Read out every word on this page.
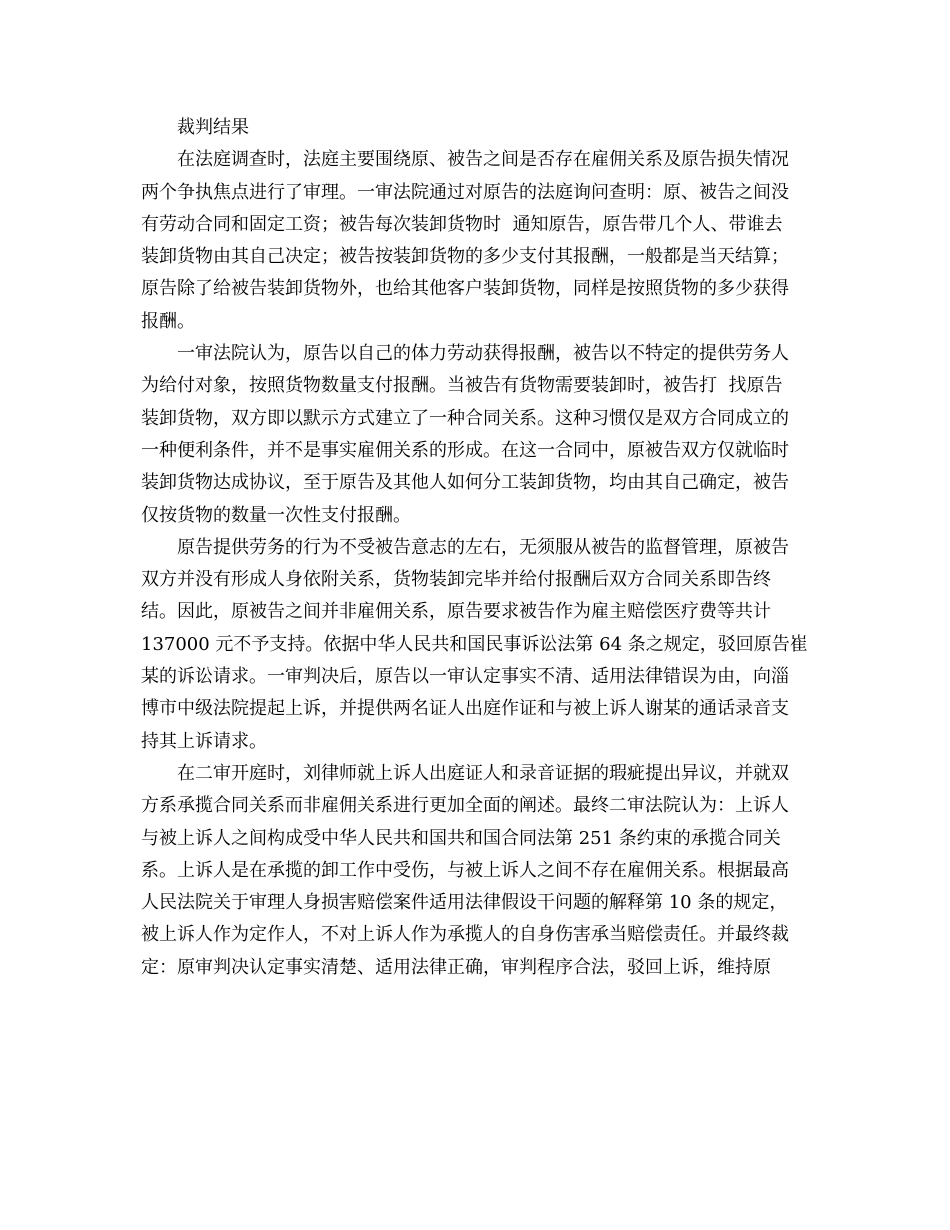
裁判结果
在法庭调查时，法庭主要围绕原、被告之间是否存在雇佣关系及原告损失情况
两个争执焦点进行了审理。一审法院通过对原告的法庭询问查明：原、被告之间没
有劳动合同和固定工资；被告每次装卸货物时  通知原告，原告带几个人、带谁去
装卸货物由其自己决定；被告按装卸货物的多少支付其报酬，一般都是当天结算；
原告除了给被告装卸货物外，也给其他客户装卸货物，同样是按照货物的多少获得
报酬。
一审法院认为，原告以自己的体力劳动获得报酬，被告以不特定的提供劳务人
为给付对象，按照货物数量支付报酬。当被告有货物需要装卸时，被告打  找原告
装卸货物，双方即以默示方式建立了一种合同关系。这种习惯仅是双方合同成立的
一种便利条件，并不是事实雇佣关系的形成。在这一合同中，原被告双方仅就临时
装卸货物达成协议，至于原告及其他人如何分工装卸货物，均由其自己确定，被告
仅按货物的数量一次性支付报酬。
原告提供劳务的行为不受被告意志的左右，无须服从被告的监督管理，原被告
双方并没有形成人身依附关系，货物装卸完毕并给付报酬后双方合同关系即告终
结。因此，原被告之间并非雇佣关系，原告要求被告作为雇主赔偿医疗费等共计
137000 元不予支持。依据中华人民共和国民事诉讼法第 64 条之规定，驳回原告崔
某的诉讼请求。一审判决后，原告以一审认定事实不清、适用法律错误为由，向淄
博市中级法院提起上诉，并提供两名证人出庭作证和与被上诉人谢某的通话录音支
持其上诉请求。
在二审开庭时，刘律师就上诉人出庭证人和录音证据的瑕疵提出异议，并就双
方系承揽合同关系而非雇佣关系进行更加全面的阐述。最终二审法院认为：上诉人
与被上诉人之间构成受中华人民共和国共和国合同法第 251 条约束的承揽合同关
系。上诉人是在承揽的卸工作中受伤，与被上诉人之间不存在雇佣关系。根据最高
人民法院关于审理人身损害赔偿案件适用法律假设干问题的解释第 10 条的规定，
被上诉人作为定作人，不对上诉人作为承揽人的自身伤害承当赔偿责任。并最终裁
定：原审判决认定事实清楚、适用法律正确，审判程序合法，驳回上诉，维持原
